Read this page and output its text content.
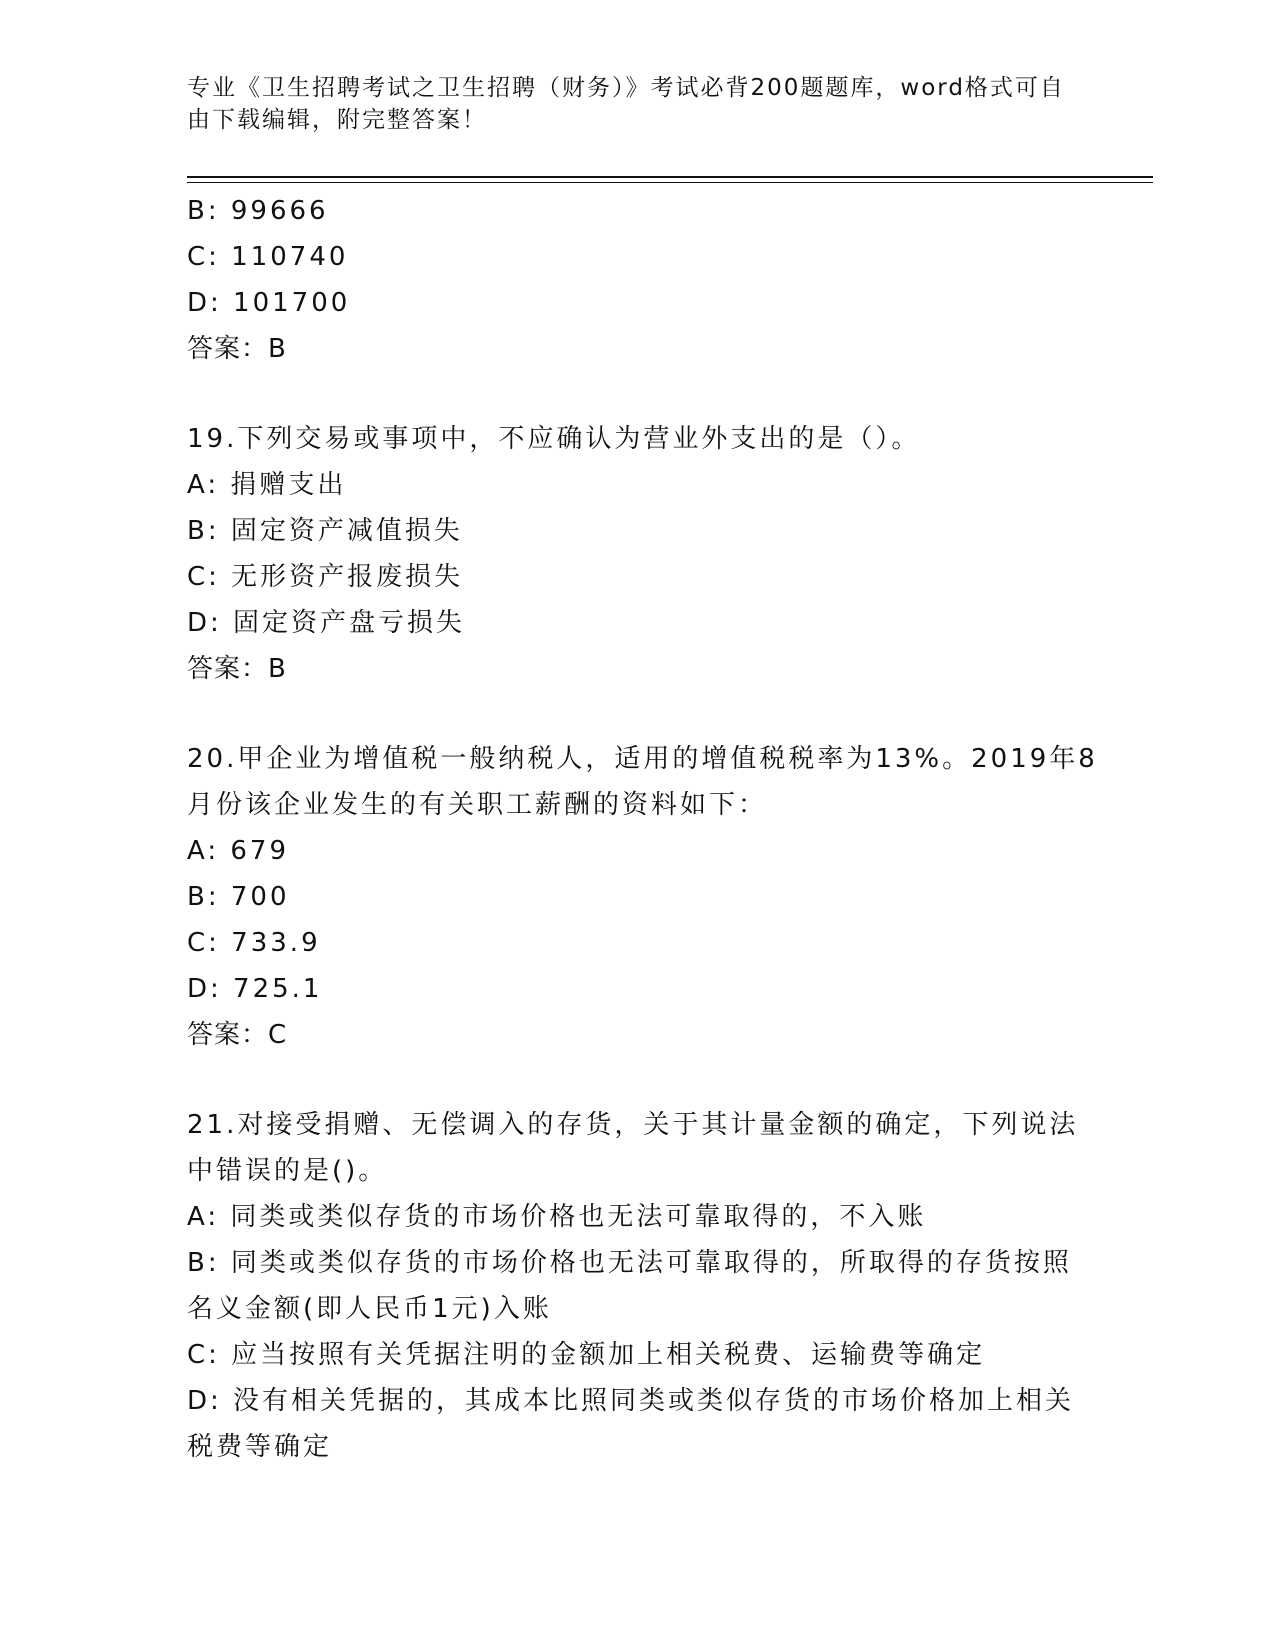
专业《卫生招聘考试之卫生招聘（财务）》考试必背200题题库，word格式可自
由下载编辑，附完整答案！
B: 99666
C: 110740
D: 101700
答案：B
19.下列交易或事项中，不应确认为营业外支出的是（）。
A: 捐赠支出
B: 固定资产减值损失
C: 无形资产报废损失
D: 固定资产盘亏损失
答案：B
20.甲企业为增值税一般纳税人，适用的增值税税率为13%。2019年8
月份该企业发生的有关职工薪酬的资料如下：
A: 679
B: 700
C: 733.9
D: 725.1
答案：C
21.对接受捐赠、无偿调入的存货，关于其计量金额的确定，下列说法
中错误的是()。
A: 同类或类似存货的市场价格也无法可靠取得的，不入账
B: 同类或类似存货的市场价格也无法可靠取得的，所取得的存货按照
名义金额(即人民币1元)入账
C: 应当按照有关凭据注明的金额加上相关税费、运输费等确定
D: 没有相关凭据的，其成本比照同类或类似存货的市场价格加上相关
税费等确定
